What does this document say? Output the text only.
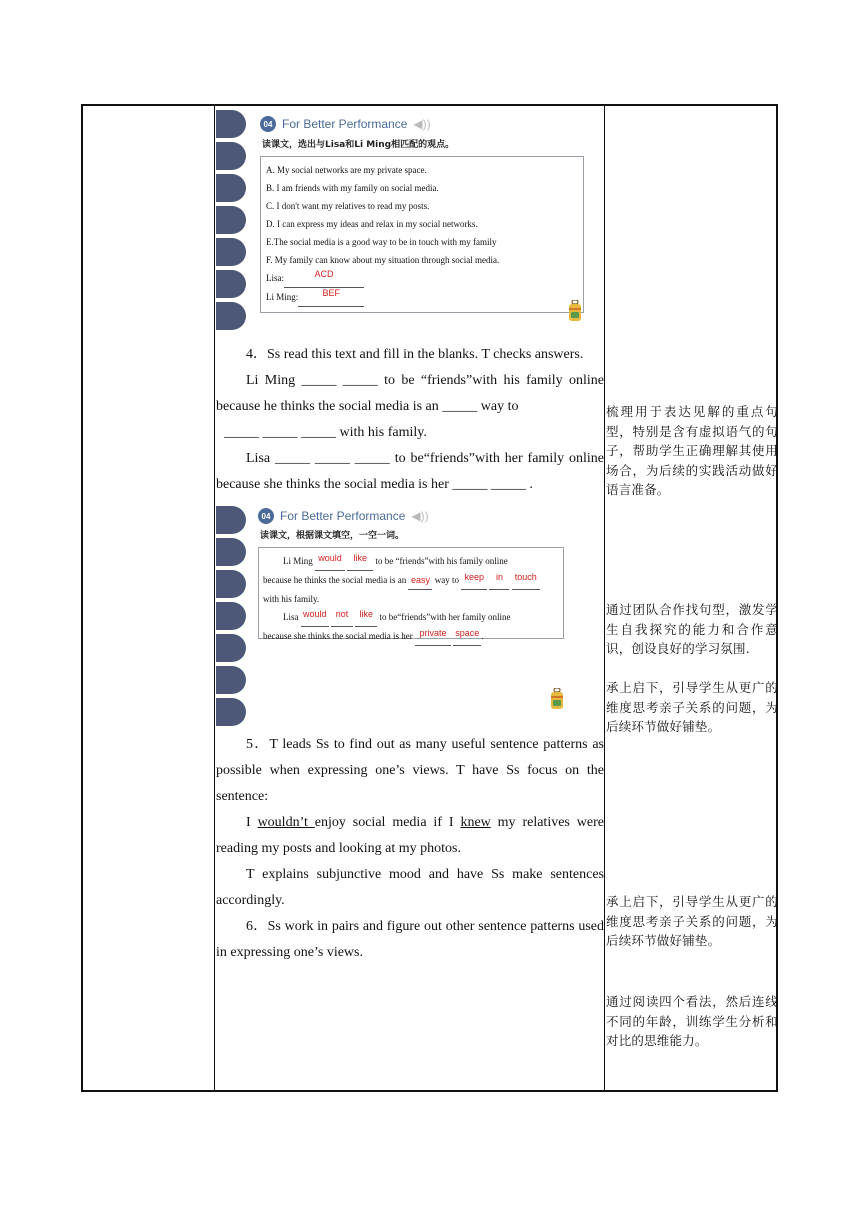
04 For Better Performance ◀))
读课文，选出与Lisa和Li Ming相匹配的观点。
A. My social networks are my private space.
B. I am friends with my family on social media.
C. I don't want my relatives to read my posts.
D. I can express my ideas and relax in my social networks.
E.The social media is a good way to be in touch with my family
F. My family can know about my situation through social media.
Lisa:	ACD
Li Ming:	BEF

4．Ss read this text and fill in the blanks. T checks answers.

Li Ming _____ _____ to be “friends”with his family online because he thinks the social media is an _____ way to

_____ _____ _____ with his family.

Lisa _____ _____ _____ to be“friends”with her family online because she thinks the social media is her _____ _____ .

04 For Better Performance ◀))
读课文，根据课文填空，一空一词。
Li Ming would like to be “friends”with his family online
because he thinks the social media is an easy way to keep in touch
with his family.
Lisa would not like to be“friends”with her family online
because she thinks the social media is her private space .

5．T leads Ss to find out as many useful sentence patterns as possible when expressing one’s views. T have Ss focus on the sentence:

I wouldn’t enjoy social media if I knew my relatives were reading my posts and looking at my photos.

T explains subjunctive mood and have Ss make sentences accordingly.

6．Ss work in pairs and figure out other sentence patterns used in expressing one’s views.

梳理用于表达见解的重点句型，特别是含有虚拟语气的句子，帮助学生正确理解其使用场合，为后续的实践活动做好语言准备。
通过团队合作找句型，激发学生自我探究的能力和合作意识，创设良好的学习氛围.
承上启下，引导学生从更广的维度思考亲子关系的问题，为后续环节做好铺垫。
承上启下，引导学生从更广的维度思考亲子关系的问题，为后续环节做好铺垫。
通过阅读四个看法，然后连线不同的年龄，训练学生分析和对比的思维能力。
